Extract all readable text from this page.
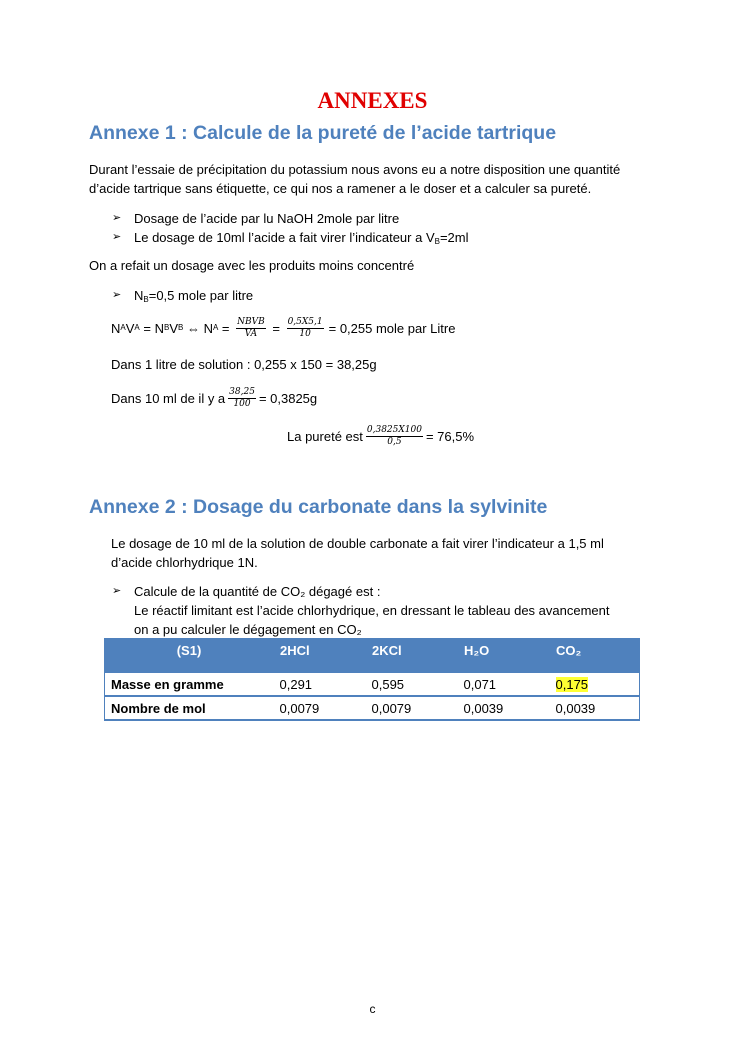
ANNEXES
Annexe 1 : Calcule de la pureté de l’acide tartrique
Durant l’essaie de précipitation du potassium nous avons eu a notre disposition une quantité
d’acide tartrique sans étiquette, ce qui nos a ramener a le doser et a calculer sa pureté.
➢ Dosage de l’acide par lu NaOH 2mole par litre
➢ Le dosage de 10ml l’acide a fait virer l’indicateur a $V_B=2ml$
On a refait un dosage avec les produits moins concentré
➢ $N_B=0,5$ mole par litre
N A V A = N B V B ⇔ N $A = \frac{\text{NBVB}}{VA} = \frac{0,5X5,1}{10} = 0,255$ mole par Litre
Dans 1 litre de solution : 0,255 x 150 = 38,25g
Dans 10 ml de il y a $\frac{38,25}{100} = 0,3825g$
La pureté est $\frac{0,3825X100}{0,5} = 76,5\%$
Annexe 2 : Dosage du carbonate dans la sylvinite
Le dosage de 10 ml de la solution de double carbonate a fait virer l’indicateur a 1,5 ml
d’acide chlorhydrique 1N.
➢ Calcule de la quantité de CO₂ dégagé est :
Le réactif limitant est l’acide chlorhydrique, en dressant le tableau des avancement
on a pu calculer le dégagement en CO₂
(S1)	2HCl	2KCl	H₂O	CO₂
Masse en gramme	0,291	0,595	0,071	0,175
Nombre de mol	0,0079	0,0079	0,0039	0,0039
c
